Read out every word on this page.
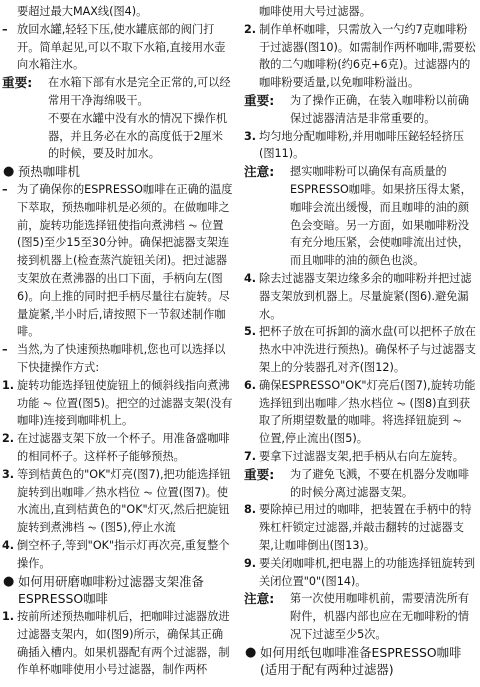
要超过最大MAX线(图4)。
– 放回水罐,轻轻下压,使水罐底部的阀门打开。简单起见,可以不取下水箱,直接用水壶向水箱注水。
重要: 在水箱下部有水是完全正常的,可以经常用干净海绵吸干。
不要在水罐中没有水的情况下操作机器，并且务必在水的高度低于2厘米的时候，要及时加水。
● 预热咖啡机
– 为了确保你的ESPRESSO咖啡在正确的温度下萃取，预热咖啡机是必须的。在做咖啡之前，旋转功能选择钮使指向煮沸档 ⏦ 位置(图5)至少15至30分钟。确保把滤器支架连接到机器上(检查蒸汽旋钮关闭)。把过滤器支架放在煮沸器的出口下面，手柄向左(图6)。向上推的同时把手柄尽量往右旋转。尽量旋紧,半小时后,请按照下一节叙述制作咖啡。
– 当然,为了快速预热咖啡机,您也可以选择以下快捷操作方式:
1. 旋转功能选择钮使旋钮上的倾斜线指向煮沸功能 ⏦ 位置(图5)。把空的过滤器支架(没有咖啡)连接到咖啡机上。
2. 在过滤器支架下放一个杯子。用准备盛咖啡的相同杯子。这样杯子能够预热。
3. 等到桔黄色的"OK"灯亮(图7),把功能选择钮旋转到出咖啡／热水档位 ⏦ 位置(图7)。使水流出,直到桔黄色的"OK"灯灭,然后把旋钮旋转到煮沸档 ⏦ (图5),停止水流
4. 倒空杯子,等到"OK"指示灯再次亮,重复整个操作。
● 如何用研磨咖啡粉过滤器支架准备ESPRESSO咖啡
1. 按前所述预热咖啡机后，把咖啡过滤器放进过滤器支架内，如(图9)所示，确保其正确确插入槽内。如果机器配有两个过滤器，制作单杯咖啡使用小号过滤器，制作两杯
咖啡使用大号过滤器。
2. 制作单杯咖啡，只需放入一勺约7克咖啡粉于过滤器(图10)。如需制作两杯咖啡,需要松散的二勺咖啡粉(约6克+6克)。过滤器内的咖啡粉要适量,以免咖啡粉溢出。
重要: 为了操作正确，在装入咖啡粉以前确保过滤器清洁是非常重要的。
3. 均匀地分配咖啡粉,并用咖啡压鉍轻轻挤压(图11)。
注意: 摁实咖啡粉可以确保有高质量的ESPRESSO咖啡。如果挤压得太紧，咖啡会流出缓慢，而且咖啡的油的颜色会变暗。另一方面，如果咖啡粉没有充分地压紧，会使咖啡流出过快，而且咖啡的油的颜色也淡。
4. 除去过滤器支架边缘多余的咖啡粉并把过滤器支架放到机器上。尽量旋紧(图6).避免漏水。
5. 把杯子放在可拆卸的滴水盘(可以把杯子放在热水中冲洗进行预热)。确保杯子与过滤器支架上的分装器孔对齐(图12)。
6. 确保ESPRESSO"OK"灯亮后(图7),旋转功能选择钮到出咖啡／热水档位 ⏦ (图8)直到获取了所期望数量的咖啡。将选择钮旋到 ⏦ 位置,停止流出(图5)。
7. 要拿下过滤器支架,把手柄从右向左旋转。
重要: 为了避免飞溅，不要在机器分发咖啡的时候分离过滤器支架。
8. 要除掉已用过的咖啡，把装置在手柄中的特殊杠杆锁定过滤器,并敲击翻转的过滤器支架,让咖啡倒出(图13)。
9. 要关闭咖啡机,把电器上的功能选择钮旋转到关闭位置"0"(图14)。
注意: 第一次使用咖啡机前，需要清洗所有附件，机器内部也应在无咖啡粉的情况下过滤至少5次。
● 如何用纸包咖啡准备ESPRESSO咖啡(适用于配有两种过滤器)
